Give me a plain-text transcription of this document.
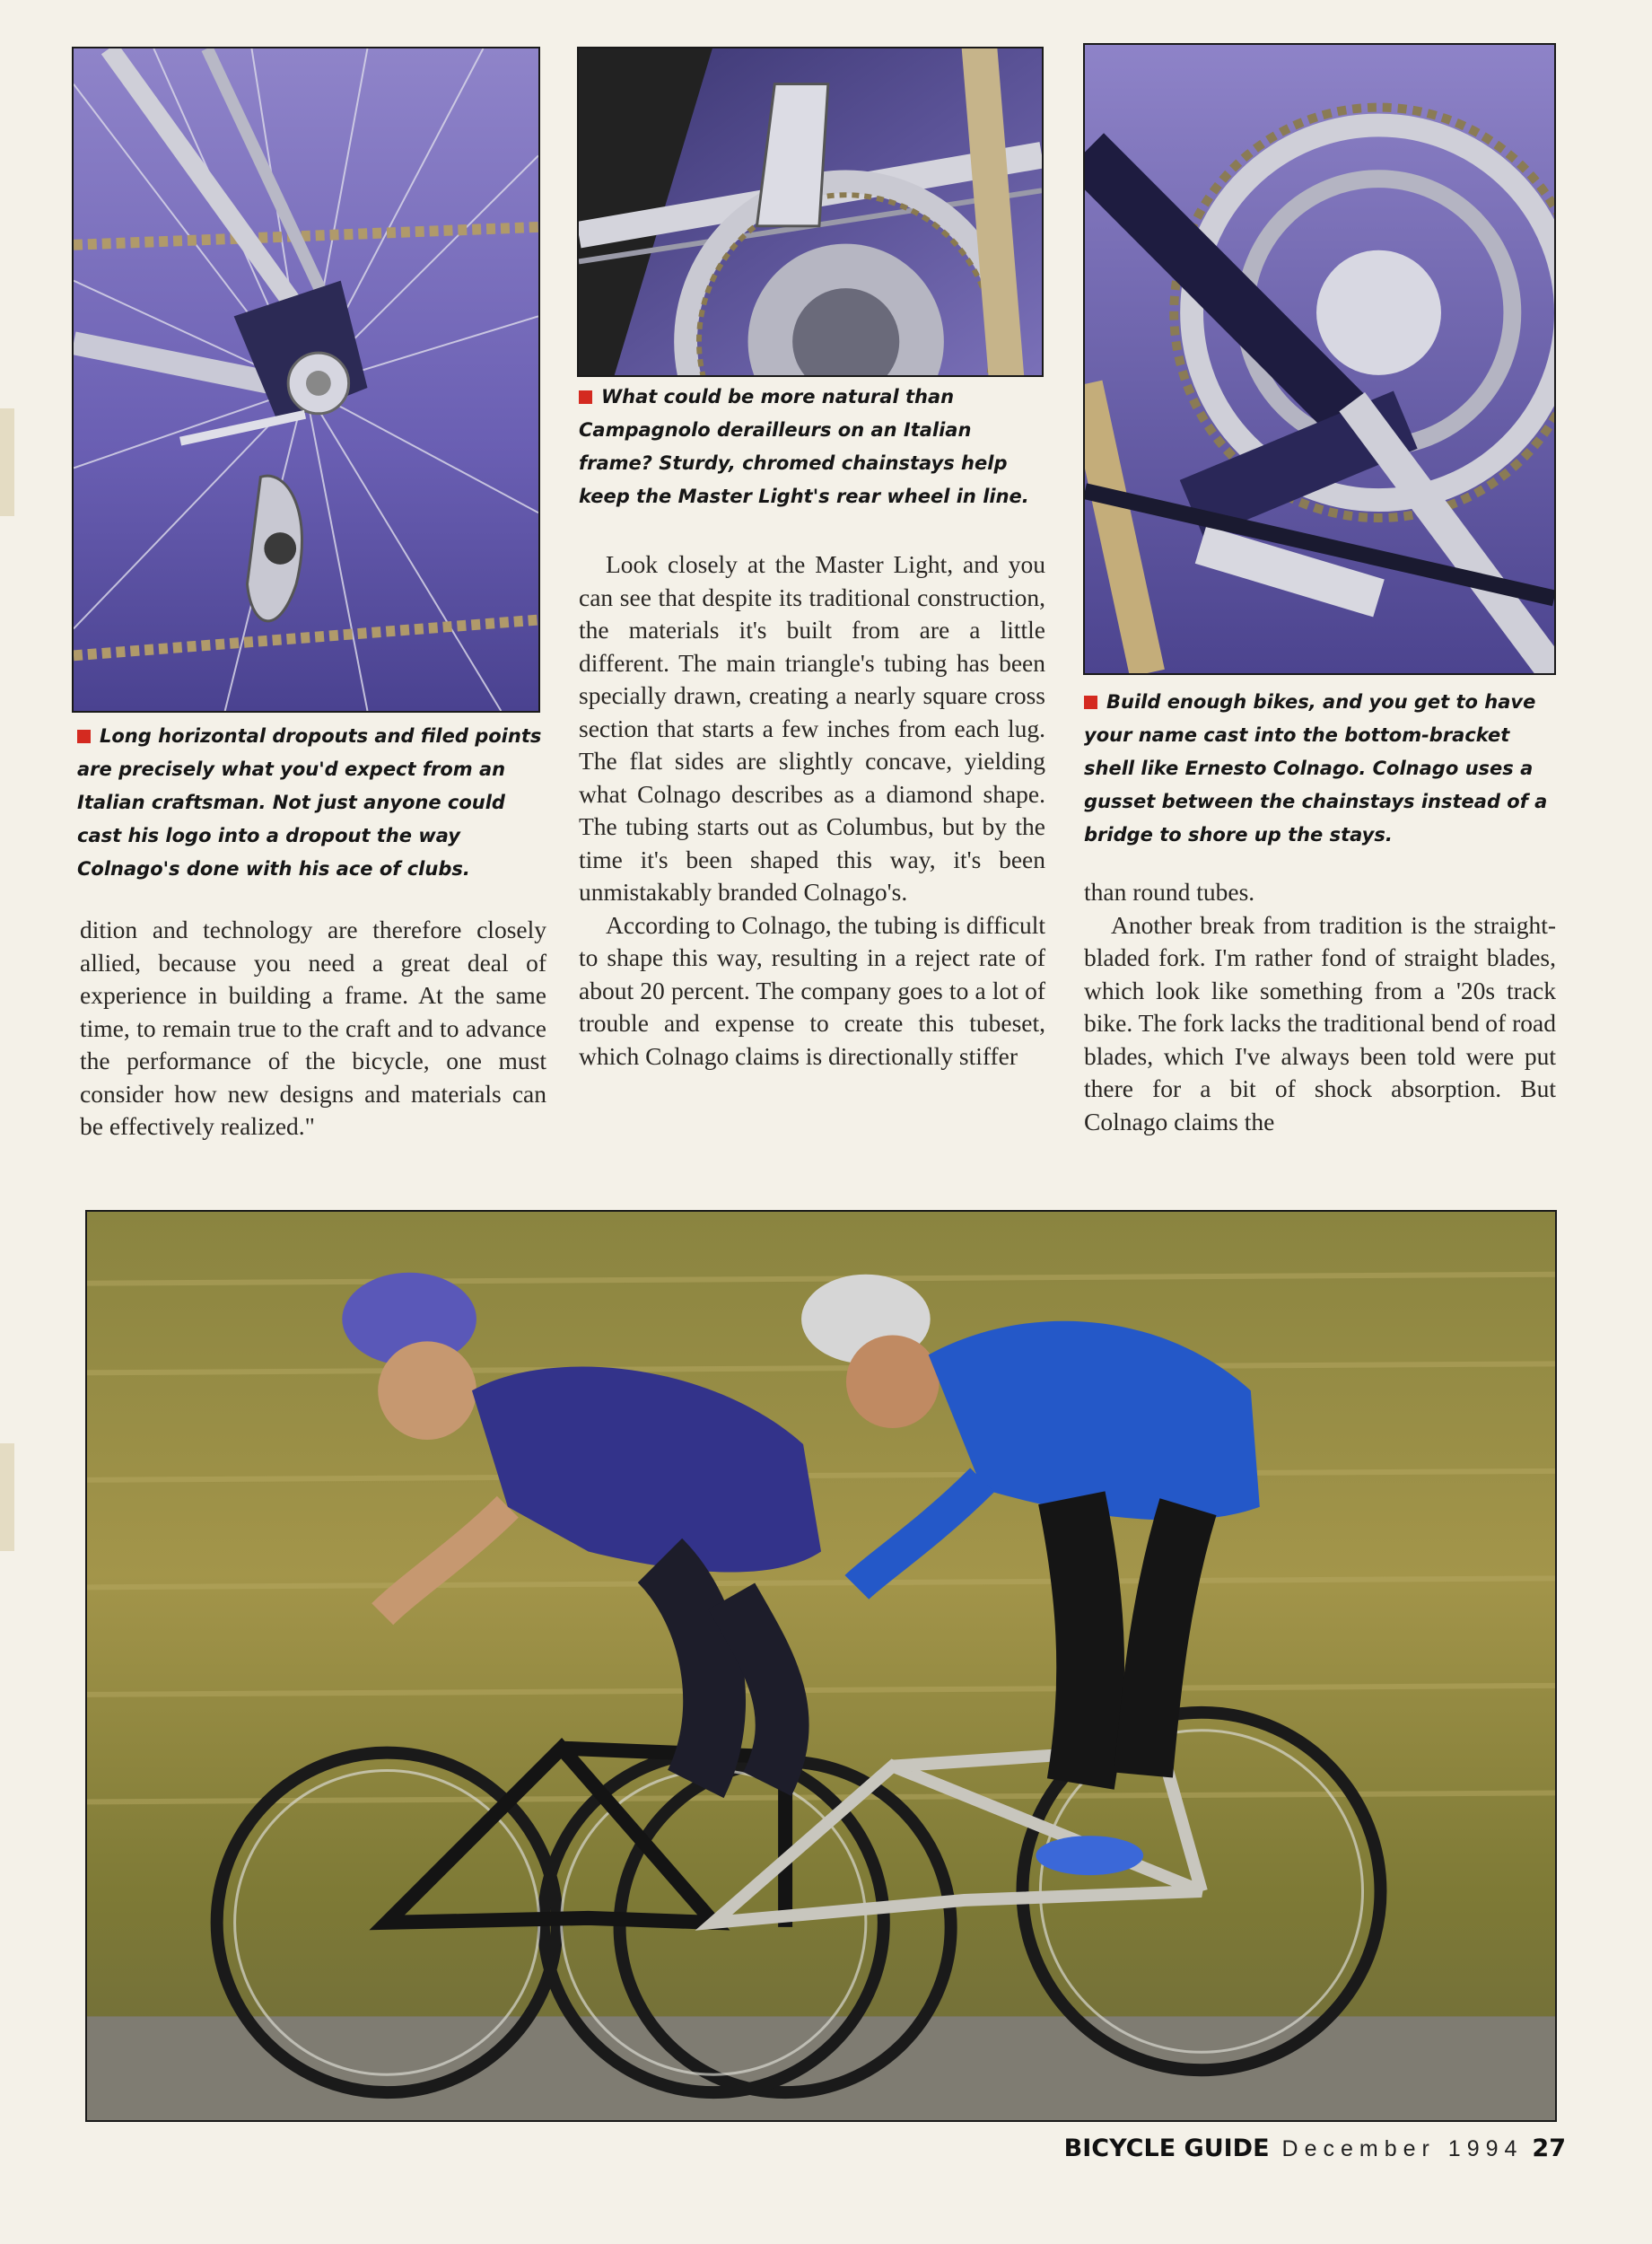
Long horizontal dropouts and filed points are precisely what you'd expect from an Italian craftsman. Not just anyone could cast his logo into a dropout the way Colnago's done with his ace of clubs.

What could be more natural than Campagnolo derailleurs on an Italian frame? Sturdy, chromed chainstays help keep the Master Light's rear wheel in line.

Build enough bikes, and you get to have your name cast into the bottom-bracket shell like Ernesto Colnago. Colnago uses a gusset between the chainstays instead of a bridge to shore up the stays.

dition and technology are therefore closely allied, because you need a great deal of experience in building a frame. At the same time, to remain true to the craft and to advance the performance of the bicycle, one must consider how new designs and materials can be effectively realized."

Look closely at the Master Light, and you can see that despite its traditional construction, the materials it's built from are a little different. The main triangle's tubing has been specially drawn, creating a nearly square cross section that starts a few inches from each lug. The flat sides are slightly concave, yielding what Colnago describes as a diamond shape. The tubing starts out as Columbus, but by the time it's been shaped this way, it's been unmistakably branded Colnago's.

According to Colnago, the tubing is difficult to shape this way, resulting in a reject rate of about 20 percent. The company goes to a lot of trouble and expense to create this tubeset, which Colnago claims is directionally stiffer

than round tubes.

Another break from tradition is the straight-bladed fork. I'm rather fond of straight blades, which look like something from a '20s track bike. The fork lacks the traditional bend of road blades, which I've always been told were put there for a bit of shock absorption. But Colnago claims the

BICYCLE GUIDE December 1994 27
